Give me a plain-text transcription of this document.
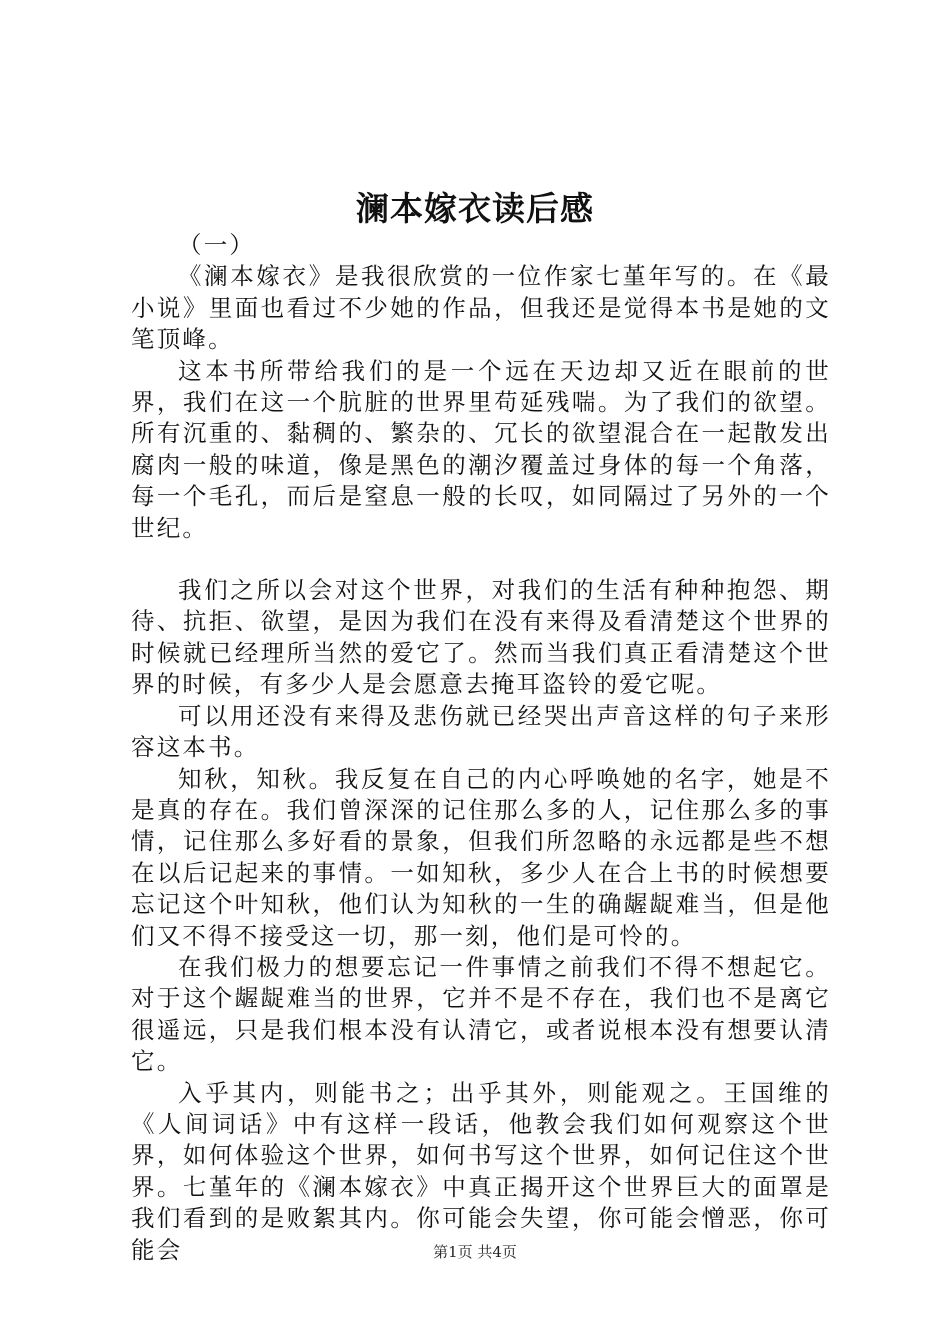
澜本嫁衣读后感

（一）

《澜本嫁衣》是我很欣赏的一位作家七堇年写的。在《最小说》里面也看过不少她的作品，但我还是觉得本书是她的文笔顶峰。

这本书所带给我们的是一个远在天边却又近在眼前的世界，我们在这一个肮脏的世界里苟延残喘。为了我们的欲望。所有沉重的、黏稠的、繁杂的、冗长的欲望混合在一起散发出腐肉一般的味道，像是黑色的潮汐覆盖过身体的每一个角落，每一个毛孔，而后是窒息一般的长叹，如同隔过了另外的一个世纪。

我们之所以会对这个世界，对我们的生活有种种抱怨、期待、抗拒、欲望，是因为我们在没有来得及看清楚这个世界的时候就已经理所当然的爱它了。然而当我们真正看清楚这个世界的时候，有多少人是会愿意去掩耳盗铃的爱它呢。

可以用还没有来得及悲伤就已经哭出声音这样的句子来形容这本书。

知秋，知秋。我反复在自己的内心呼唤她的名字，她是不是真的存在。我们曾深深的记住那么多的人，记住那么多的事情，记住那么多好看的景象，但我们所忽略的永远都是些不想在以后记起来的事情。一如知秋，多少人在合上书的时候想要忘记这个叶知秋，他们认为知秋的一生的确龌龊难当，但是他们又不得不接受这一切，那一刻，他们是可怜的。

在我们极力的想要忘记一件事情之前我们不得不想起它。对于这个龌龊难当的世界，它并不是不存在，我们也不是离它很遥远，只是我们根本没有认清它，或者说根本没有想要认清它。

入乎其内，则能书之；出乎其外，则能观之。王国维的《人间词话》中有这样一段话，他教会我们如何观察这个世界，如何体验这个世界，如何书写这个世界，如何记住这个世界。七堇年的《澜本嫁衣》中真正揭开这个世界巨大的面罩是我们看到的是败絮其内。你可能会失望，你可能会憎恶，你可能会	第1页 共4页
